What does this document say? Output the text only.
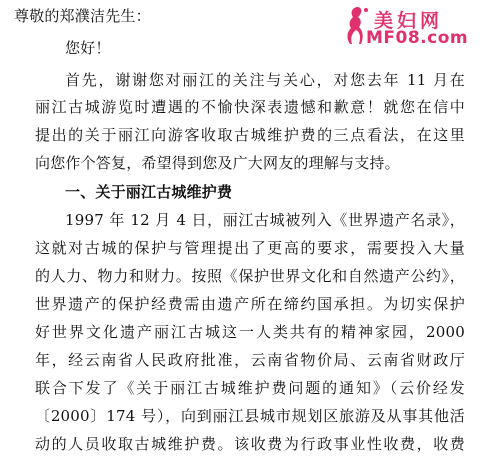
尊敬的郑濮洁先生：	美妇网
MF08.com
您好！
首先，谢谢您对丽江的关注与关心，对您去年 11 月在
丽江古城游览时遭遇的不愉快深表遗憾和歉意！就您在信中
提出的关于丽江向游客收取古城维护费的三点看法，在这里
向您作个答复，希望得到您及广大网友的理解与支持。
一、关于丽江古城维护费
1997 年 12 月 4 日，丽江古城被列入《世界遗产名录》，
这就对古城的保护与管理提出了更高的要求，需要投入大量
的人力、物力和财力。按照《保护世界文化和自然遗产公约》，
世界遗产的保护经费需由遗产所在缔约国承担。为切实保护
好世界文化遗产丽江古城这一人类共有的精神家园，2000
年，经云南省人民政府批准，云南省物价局、云南省财政厅
联合下发了《关于丽江古城维护费问题的通知》（云价经发
〔2000〕174 号），向到丽江县城市规划区旅游及从事其他活
动的人员收取古城维护费。该收费为行政事业性收费，收费
